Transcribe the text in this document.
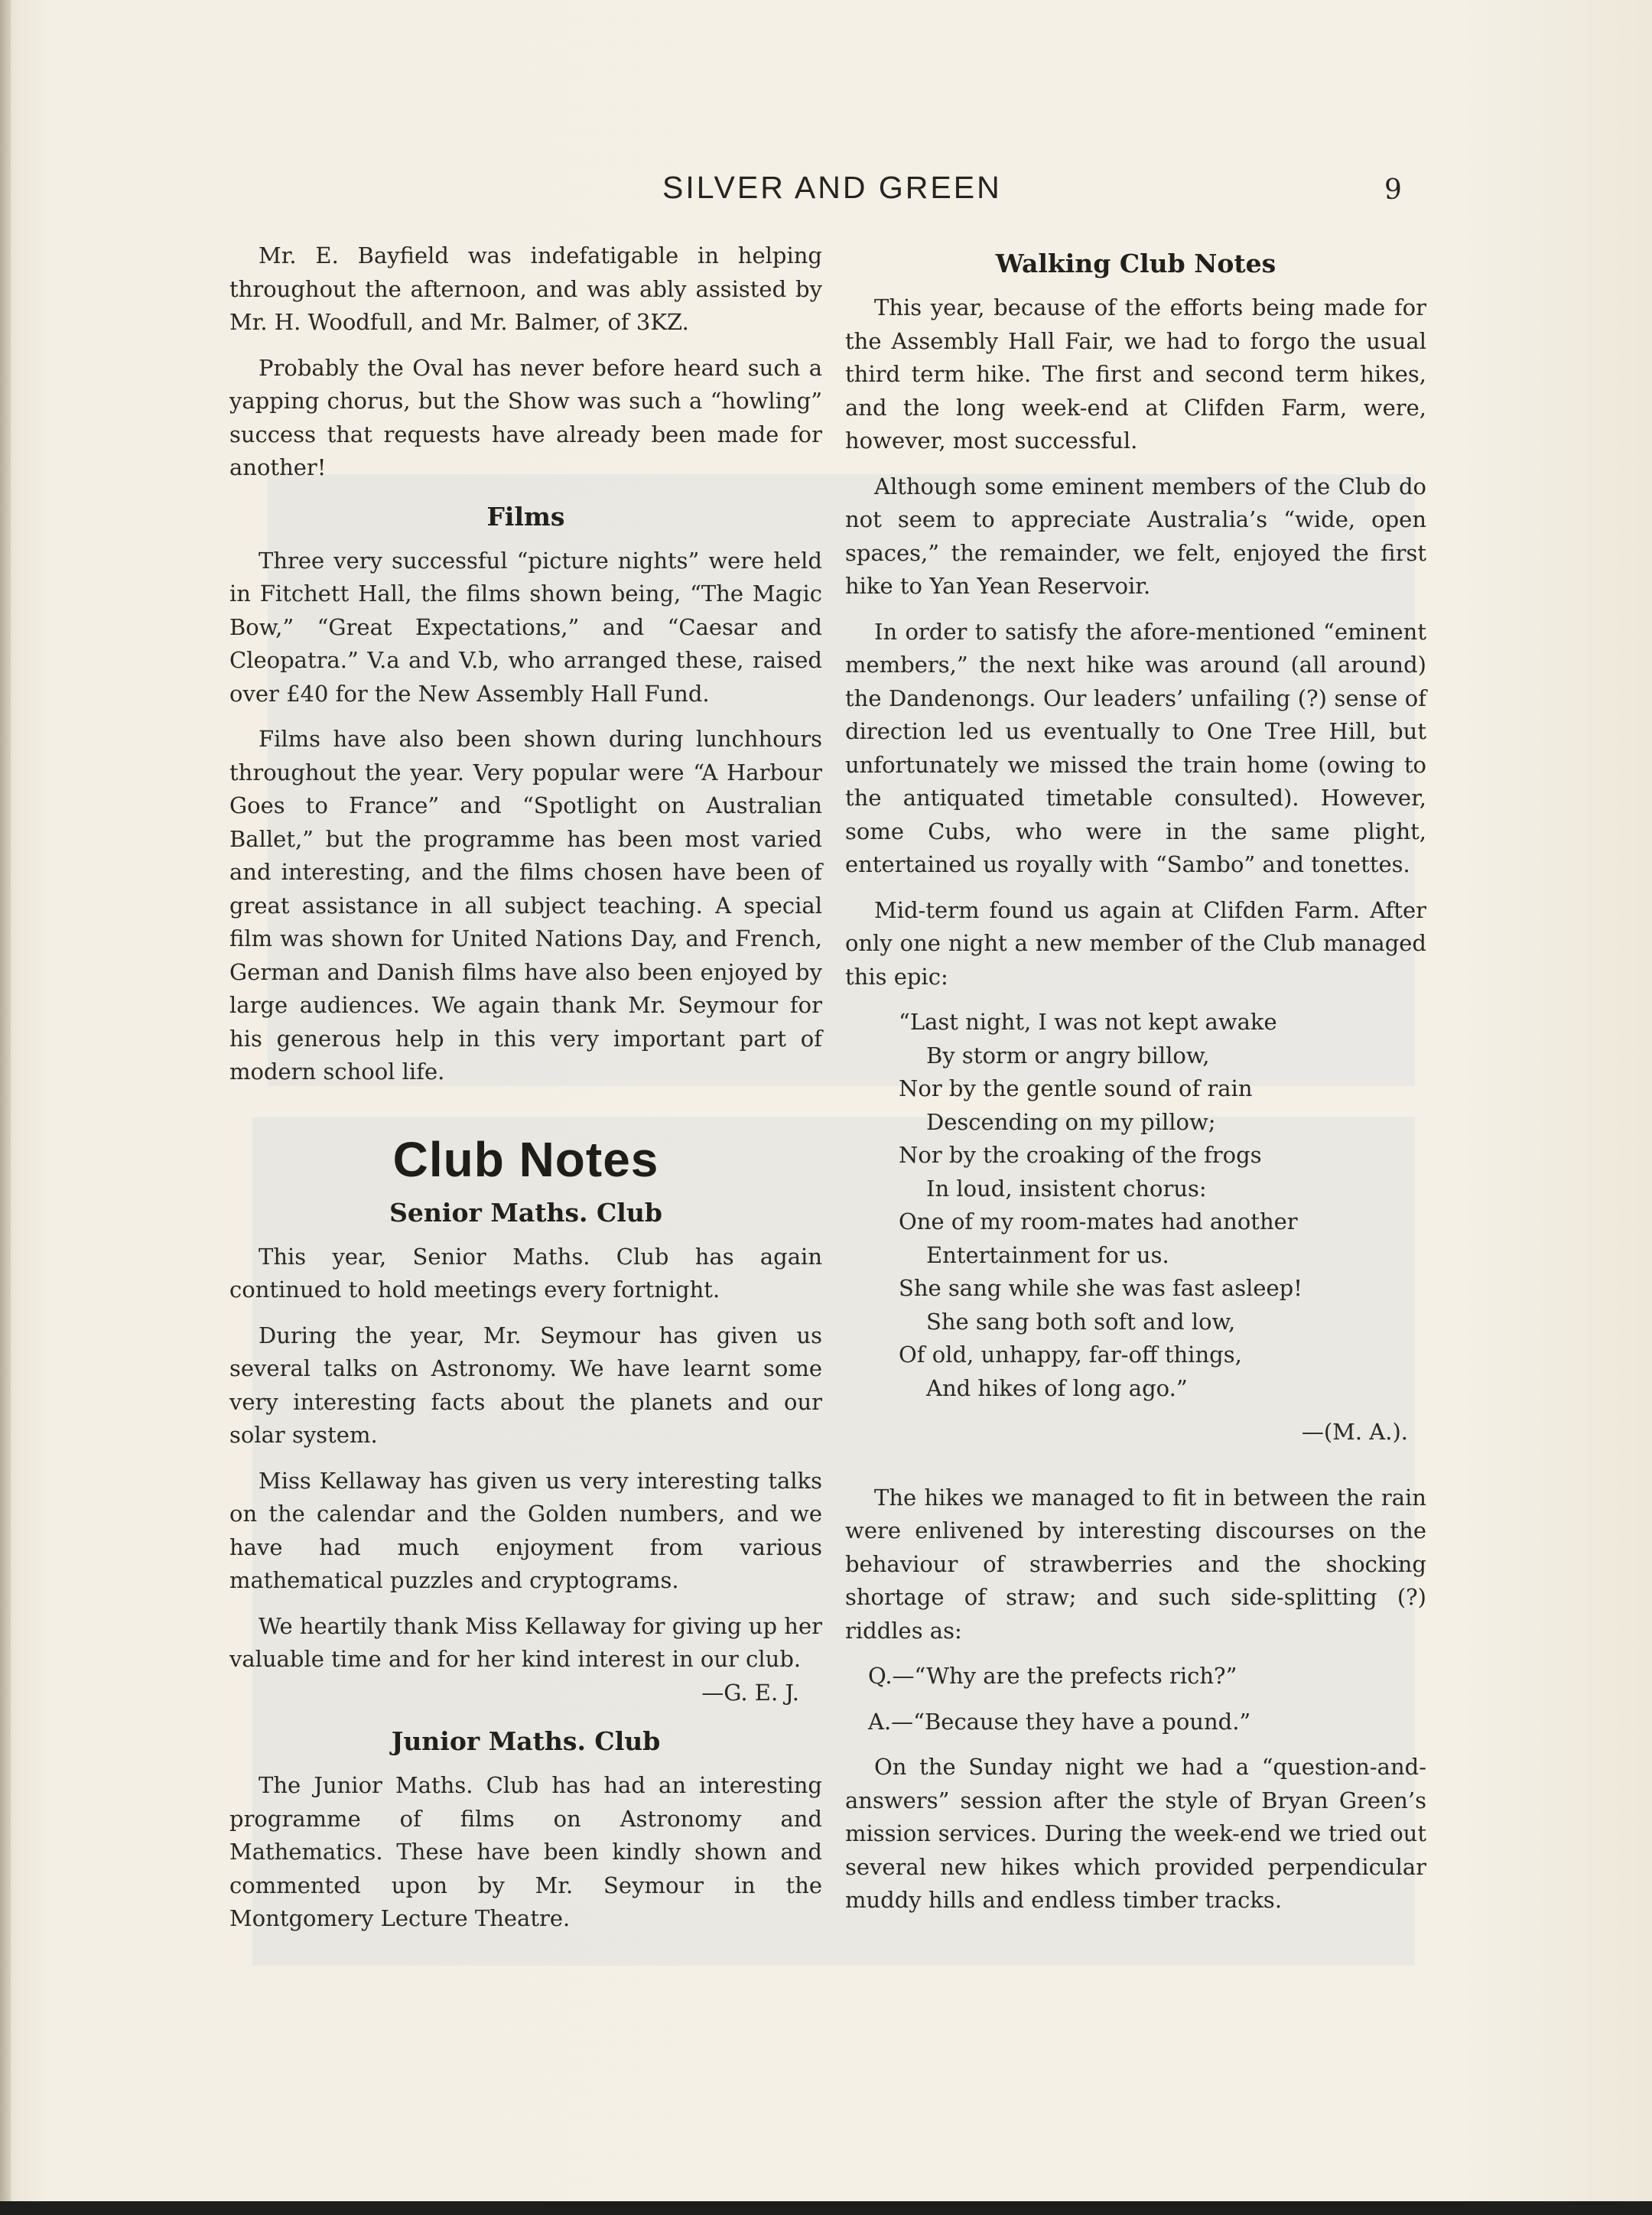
SILVER AND GREEN	9

Mr. E. Bayfield was indefatigable in helping throughout the afternoon, and was ably assisted by Mr. H. Woodfull, and Mr. Balmer, of 3KZ.

Probably the Oval has never before heard such a yapping chorus, but the Show was such a “howling” success that requests have already been made for another!

Films

Three very successful “picture nights” were held in Fitchett Hall, the films shown being, “The Magic Bow,” “Great Expectations,” and “Caesar and Cleopatra.” V.a and V.b, who arranged these, raised over £40 for the New Assembly Hall Fund.

Films have also been shown during lunchhours throughout the year. Very popular were “A Harbour Goes to France” and “Spotlight on Australian Ballet,” but the programme has been most varied and interesting, and the films chosen have been of great assistance in all subject teaching. A special film was shown for United Nations Day, and French, German and Danish films have also been enjoyed by large audiences. We again thank Mr. Seymour for his generous help in this very important part of modern school life.

Club Notes
Senior Maths. Club

This year, Senior Maths. Club has again continued to hold meetings every fortnight.

During the year, Mr. Seymour has given us several talks on Astronomy. We have learnt some very interesting facts about the planets and our solar system.

Miss Kellaway has given us very interesting talks on the calendar and the Golden numbers, and we have had much enjoyment from various mathematical puzzles and cryptograms.

We heartily thank Miss Kellaway for giving up her valuable time and for her kind interest in our club.

—G. E. J.
Junior Maths. Club

The Junior Maths. Club has had an interesting programme of films on Astronomy and Mathematics. These have been kindly shown and commented upon by Mr. Seymour in the Montgomery Lecture Theatre.

Walking Club Notes

This year, because of the efforts being made for the Assembly Hall Fair, we had to forgo the usual third term hike. The first and second term hikes, and the long week-end at Clifden Farm, were, however, most successful.

Although some eminent members of the Club do not seem to appreciate Australia’s “wide, open spaces,” the remainder, we felt, enjoyed the first hike to Yan Yean Reservoir.

In order to satisfy the afore-mentioned “eminent members,” the next hike was around (all around) the Dandenongs. Our leaders’ unfailing (?) sense of direction led us eventually to One Tree Hill, but unfortunately we missed the train home (owing to the antiquated timetable consulted). However, some Cubs, who were in the same plight, entertained us royally with “Sambo” and tonettes.

Mid-term found us again at Clifden Farm. After only one night a new member of the Club managed this epic:

“Last night, I was not kept awake
By storm or angry billow,
Nor by the gentle sound of rain
Descending on my pillow;
Nor by the croaking of the frogs
In loud, insistent chorus:
One of my room-mates had another
Entertainment for us.
She sang while she was fast asleep!
She sang both soft and low,
Of old, unhappy, far-off things,
And hikes of long ago.”
—(M. A.).

The hikes we managed to fit in between the rain were enlivened by interesting discourses on the behaviour of strawberries and the shocking shortage of straw; and such side-splitting (?) riddles as:

Q.—“Why are the prefects rich?”

A.—“Because they have a pound.”

On the Sunday night we had a “question-and-answers” session after the style of Bryan Green’s mission services. During the week-end we tried out several new hikes which provided perpendicular muddy hills and endless timber tracks.
